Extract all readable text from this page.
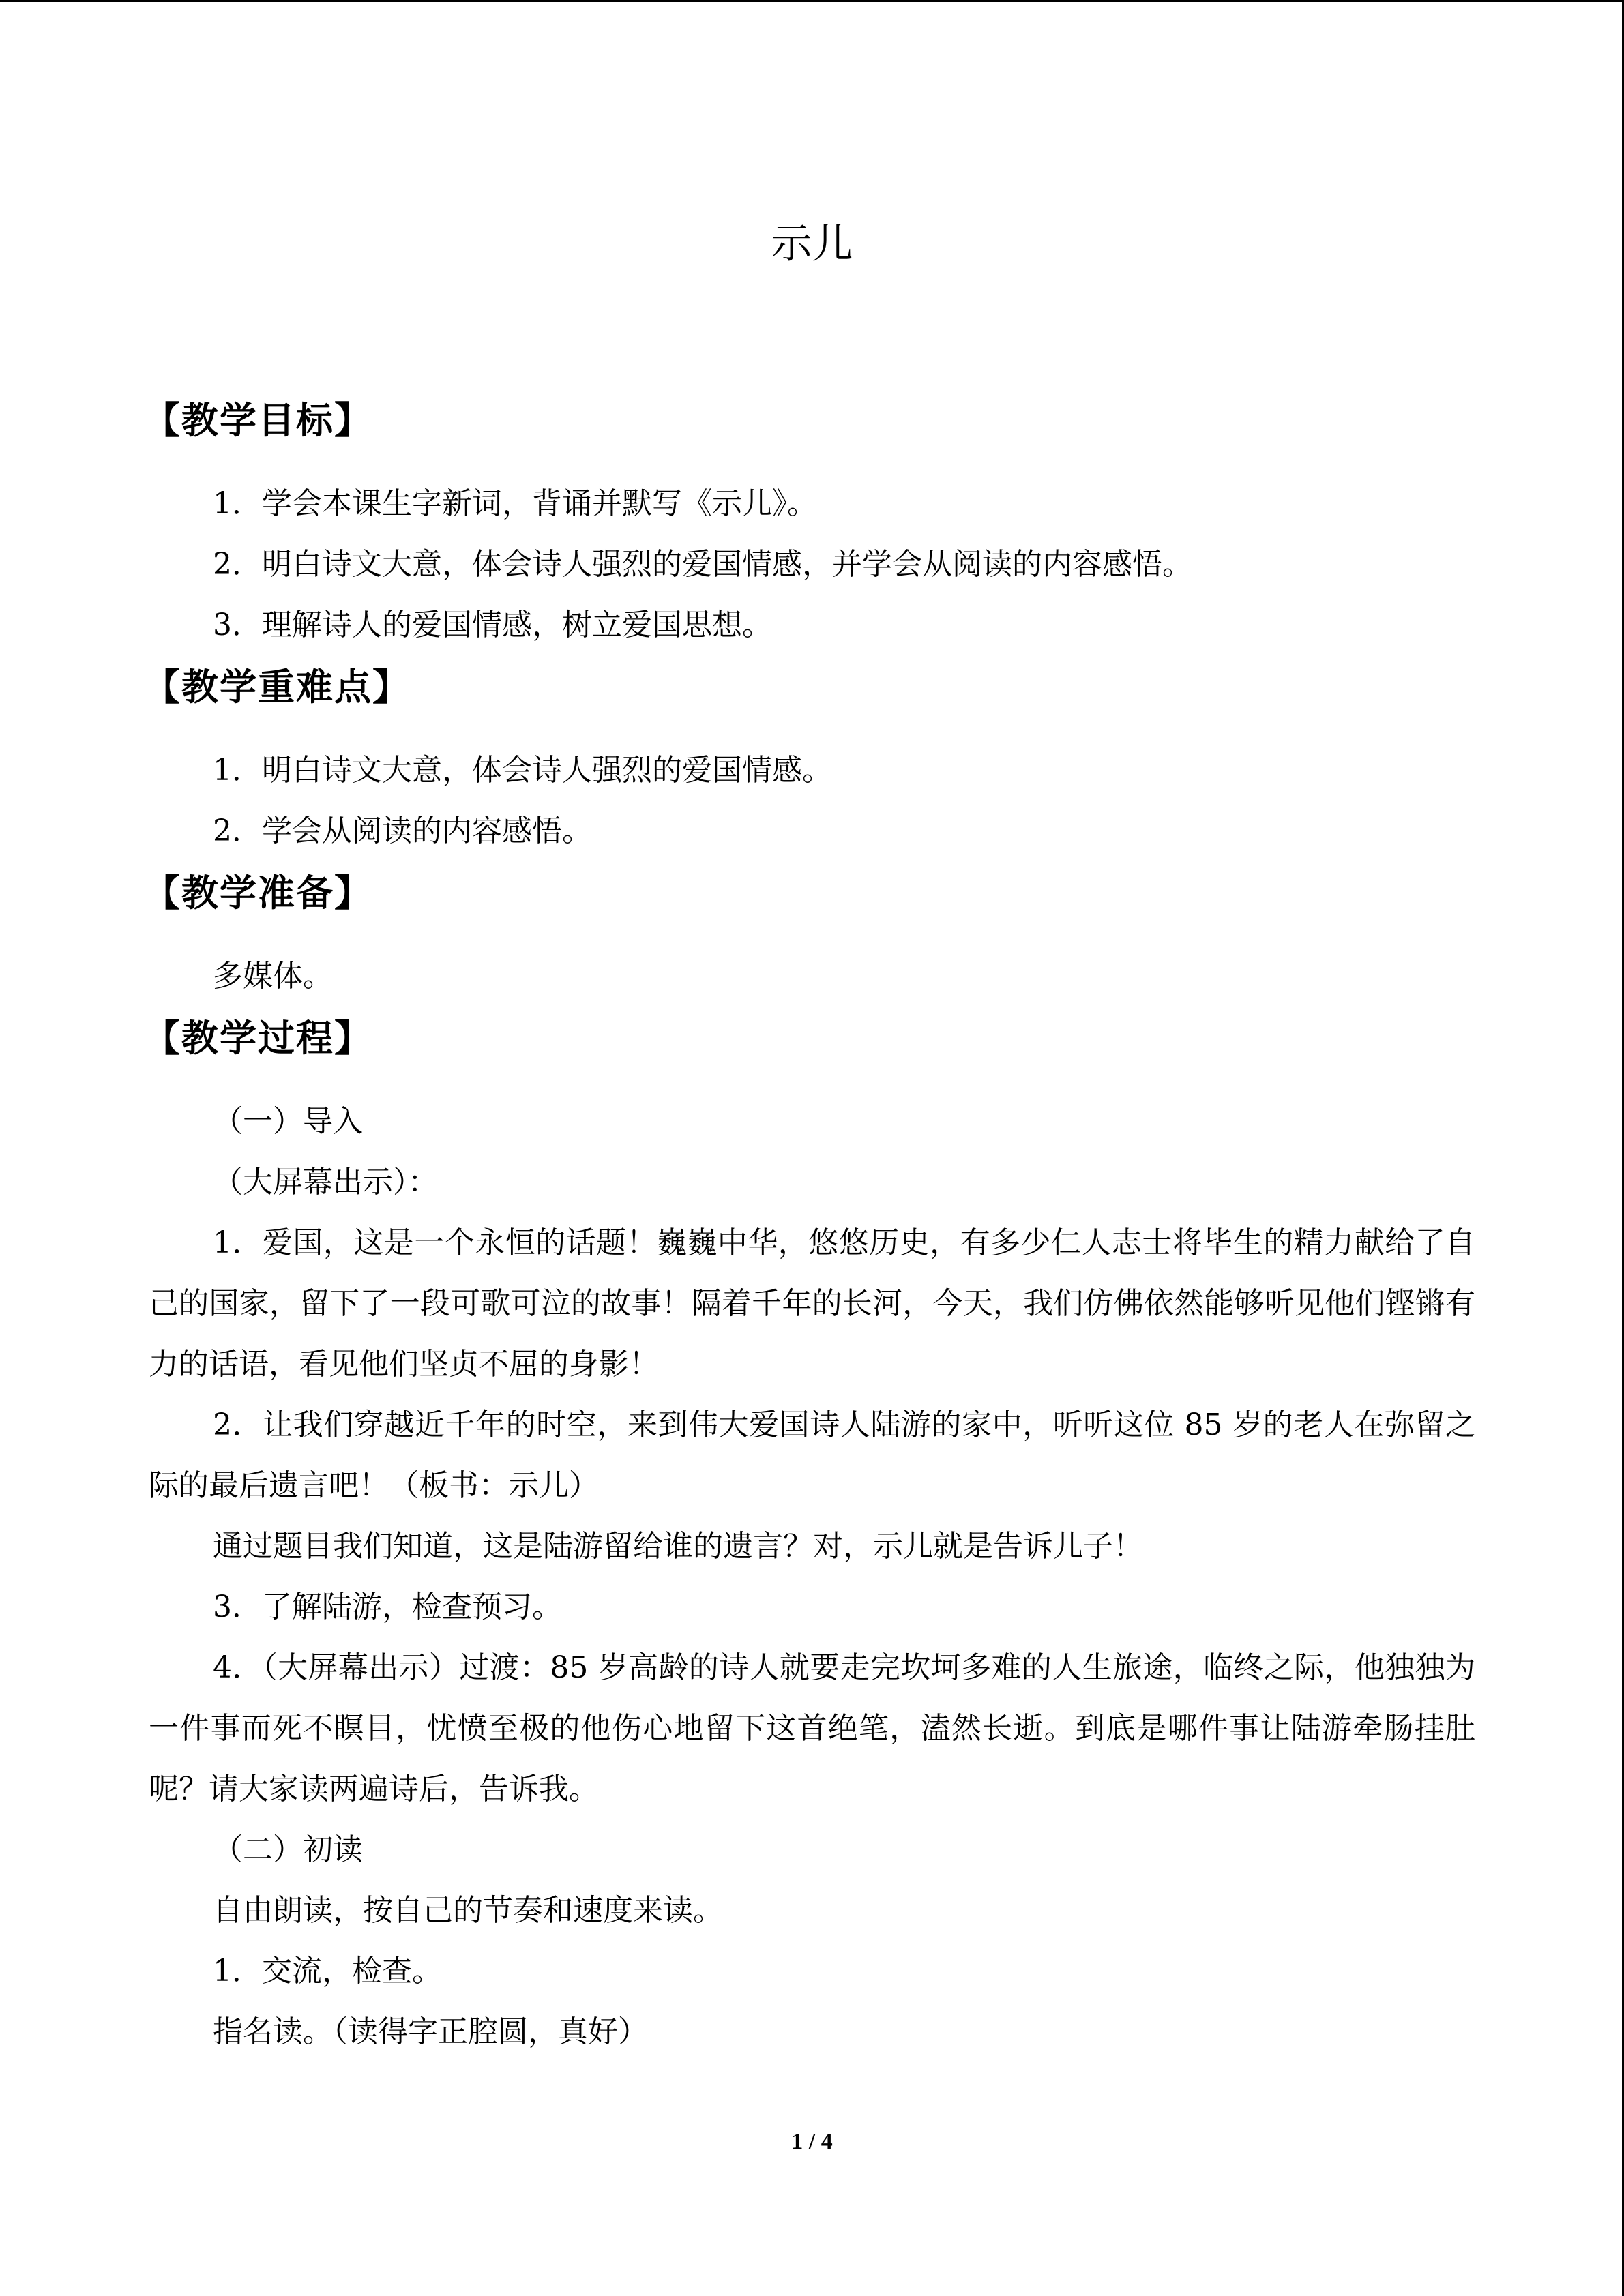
示儿
【教学目标】

1．学会本课生字新词，背诵并默写《示儿》。

2．明白诗文大意，体会诗人强烈的爱国情感，并学会从阅读的内容感悟。

3．理解诗人的爱国情感，树立爱国思想。

【教学重难点】

1．明白诗文大意，体会诗人强烈的爱国情感。

2．学会从阅读的内容感悟。

【教学准备】

多媒体。

【教学过程】

（一）导入

（大屏幕出示）：

1．爱国，这是一个永恒的话题！巍巍中华，悠悠历史，有多少仁人志士将毕生的精力献给了自己的国家，留下了一段可歌可泣的故事！隔着千年的长河，今天，我们仿佛依然能够听见他们铿锵有力的话语，看见他们坚贞不屈的身影！

2．让我们穿越近千年的时空，来到伟大爱国诗人陆游的家中，听听这位 85 岁的老人在弥留之际的最后遗言吧！（板书：示儿）

通过题目我们知道，这是陆游留给谁的遗言？对，示儿就是告诉儿子！

3．了解陆游，检查预习。

4．（大屏幕出示）过渡：85 岁高龄的诗人就要走完坎坷多难的人生旅途，临终之际，他独独为一件事而死不瞑目，忧愤至极的他伤心地留下这首绝笔，溘然长逝。到底是哪件事让陆游牵肠挂肚呢？请大家读两遍诗后，告诉我。

（二）初读

自由朗读，按自己的节奏和速度来读。

1．交流，检查。

指名读。（读得字正腔圆，真好）

1 / 4
